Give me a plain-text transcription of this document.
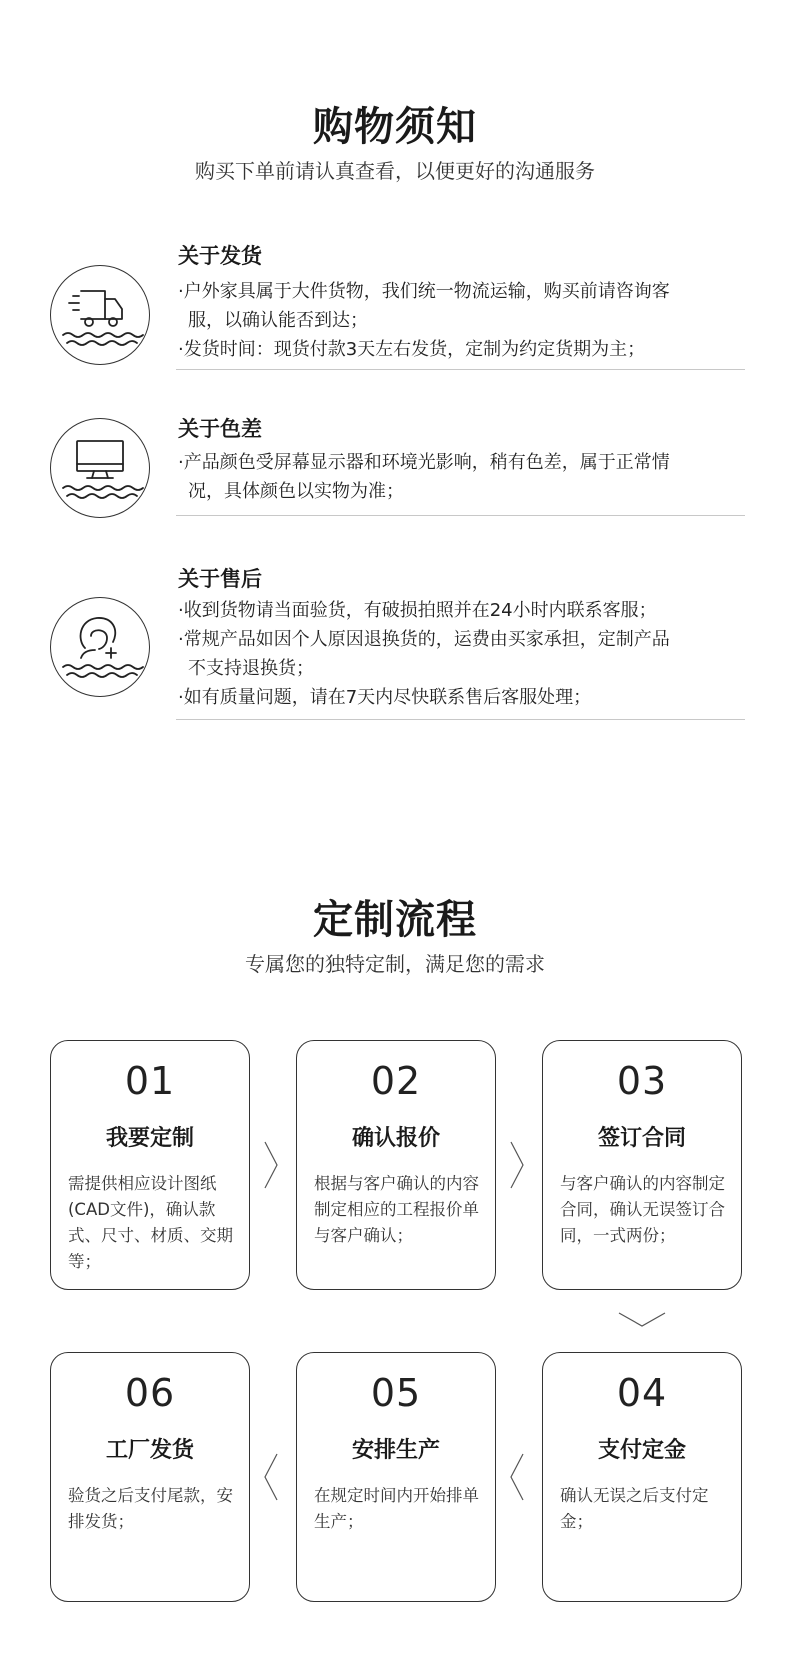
购物须知
购买下单前请认真查看，以便更好的沟通服务
关于发货
·户外家具属于大件货物，我们统一物流运输，购买前请咨询客
服，以确认能否到达；
·发货时间：现货付款3天左右发货，定制为约定货期为主；
关于色差
·产品颜色受屏幕显示器和环境光影响，稍有色差，属于正常情
况，具体颜色以实物为准；
关于售后
·收到货物请当面验货，有破损拍照并在24小时内联系客服；
·常规产品如因个人原因退换货的，运费由买家承担，定制产品
不支持退换货；
·如有质量问题，请在7天内尽快联系售后客服处理；
定制流程
专属您的独特定制，满足您的需求
01
我要定制
需提供相应设计图纸(CAD文件)，确认款式、尺寸、材质、交期等；
02
确认报价
根据与客户确认的内容制定相应的工程报价单与客户确认；
03
签订合同
与客户确认的内容制定合同，确认无误签订合同，一式两份；
06
工厂发货
验货之后支付尾款，安排发货；
05
安排生产
在规定时间内开始排单生产；
04
支付定金
确认无误之后支付定金；
